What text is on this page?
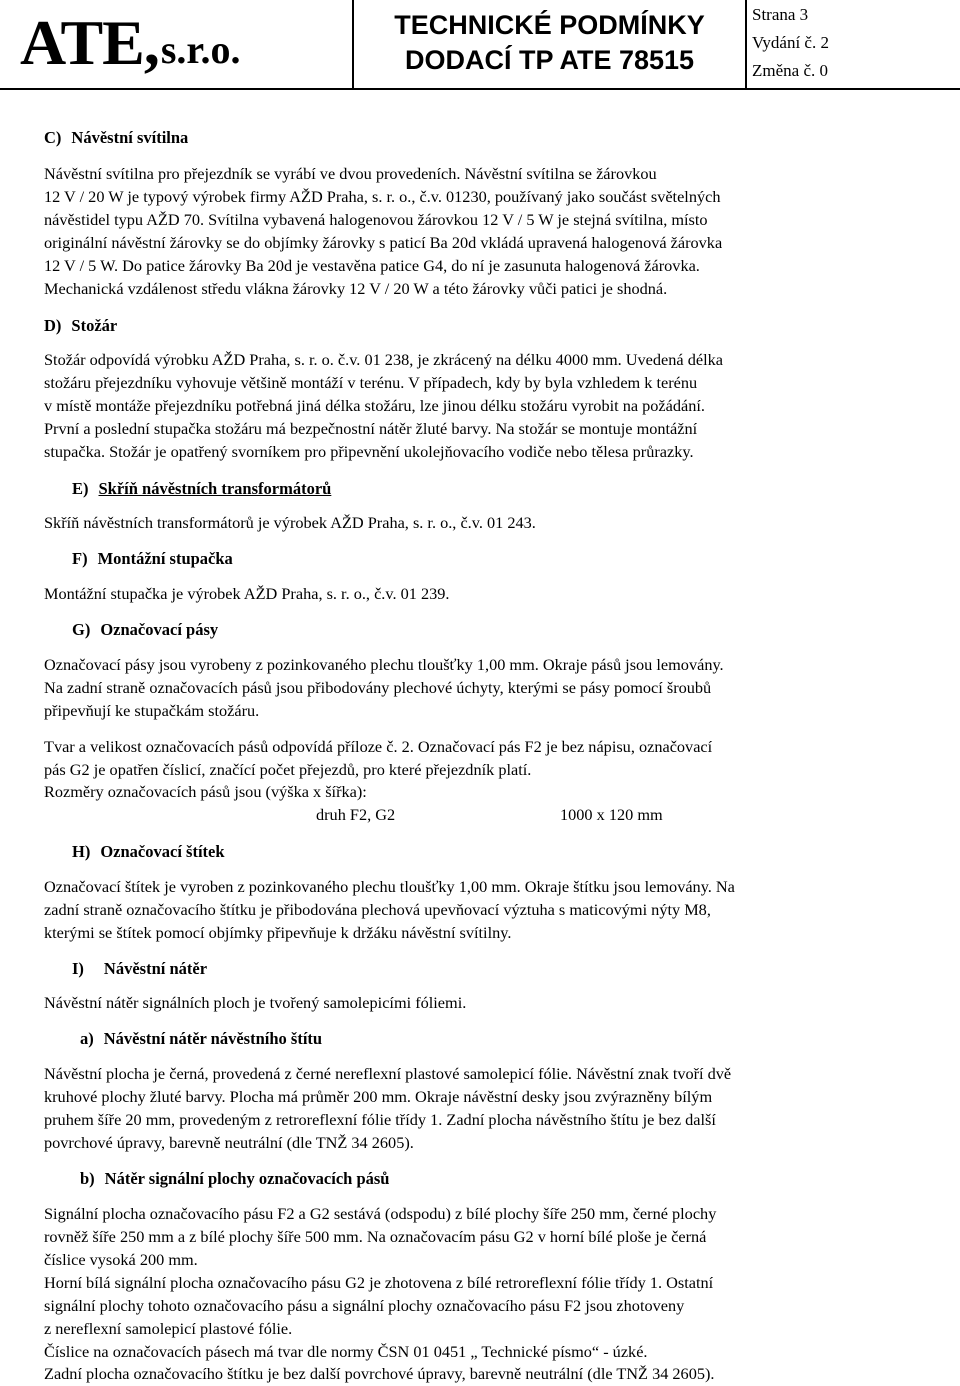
ATE, s.r.o.
TECHNICKÉ PODMÍNKY
DODACÍ TP ATE 78515
Strana 3
Vydání č. 2
Změna č. 0
C) Návěstní svítilna
Návěstní svítilna pro přejezdník se vyrábí ve dvou provedeních. Návěstní svítilna se žárovkou
12 V / 20 W je typový výrobek firmy AŽD Praha, s. r. o., č.v. 01230, používaný jako součást světelných
návěstidel typu AŽD 70. Svítilna vybavená halogenovou žárovkou 12 V / 5 W je stejná svítilna, místo
originální návěstní žárovky se do objímky žárovky s paticí Ba 20d vkládá upravená halogenová žárovka
12 V / 5 W. Do patice žárovky Ba 20d je vestavěna patice G4, do ní je zasunuta halogenová žárovka.
Mechanická vzdálenost středu vlákna žárovky 12 V / 20 W a této žárovky vůči patici je shodná.
D) Stožár
Stožár odpovídá výrobku AŽD Praha, s. r. o. č.v. 01 238, je zkrácený na délku 4000 mm. Uvedená délka
stožáru přejezdníku vyhovuje většině montáží v terénu. V případech, kdy by byla vzhledem k terénu
v místě montáže přejezdníku potřebná jiná délka stožáru, lze jinou délku stožáru vyrobit na požádání.
První a poslední stupačka stožáru má bezpečnostní nátěr žluté barvy. Na stožár se montuje montážní
stupačka. Stožár je opatřený svorníkem pro připevnění ukolejňovacího vodiče nebo tělesa průrazky.
E) Skříň návěstních transformátorů
Skříň návěstních transformátorů je výrobek AŽD Praha, s. r. o., č.v. 01 243.
F) Montážní stupačka
Montážní stupačka je výrobek AŽD Praha, s. r. o., č.v. 01 239.
G) Označovací pásy
Označovací pásy jsou vyrobeny z pozinkovaného plechu tloušťky 1,00 mm. Okraje pásů jsou lemovány.
Na zadní straně označovacích pásů jsou přibodovány plechové úchyty, kterými se pásy pomocí šroubů
připevňují ke stupačkám stožáru.
Tvar a velikost označovacích pásů odpovídá příloze č. 2. Označovací pás F2 je bez nápisu, označovací
pás G2 je opatřen číslicí, značící počet přejezdů, pro které přejezdník platí.
Rozměry označovacích pásů jsou (výška x šířka):
druh F2, G2	1000 x 120 mm
H) Označovací štítek
Označovací štítek je vyroben z pozinkovaného plechu tloušťky 1,00 mm. Okraje štítku jsou lemovány. Na
zadní straně označovacího štítku je přibodována plechová upevňovací výztuha s maticovými nýty M8,
kterými se štítek pomocí objímky připevňuje k držáku návěstní svítilny.
I) Návěstní nátěr
Návěstní nátěr signálních ploch je tvořený samolepicími fóliemi.
a) Návěstní nátěr návěstního štítu
Návěstní plocha je černá, provedená z černé nereflexní plastové samolepicí fólie. Návěstní znak tvoří dvě
kruhové plochy žluté barvy. Plocha má průměr 200 mm. Okraje návěstní desky jsou zvýrazněny bílým
pruhem šíře 20 mm, provedeným z retroreflexní fólie třídy 1. Zadní plocha návěstního štítu je bez další
povrchové úpravy, barevně neutrální (dle TNŽ 34 2605).
b) Nátěr signální plochy označovacích pásů
Signální plocha označovacího pásu F2 a G2 sestává (odspodu) z bílé plochy šíře 250 mm, černé plochy
rovněž šíře 250 mm a z bílé plochy šíře 500 mm. Na označovacím pásu G2 v horní bílé ploše je černá
číslice vysoká 200 mm.
Horní bílá signální plocha označovacího pásu G2 je zhotovena z bílé retroreflexní fólie třídy 1. Ostatní
signální plochy tohoto označovacího pásu a signální plochy označovacího pásu F2 jsou zhotoveny
z nereflexní samolepicí plastové fólie.
Číslice na označovacích pásech má tvar dle normy ČSN 01 0451 „ Technické písmo“ - úzké.
Zadní plocha označovacího štítku je bez další povrchové úpravy, barevně neutrální (dle TNŽ 34 2605).
